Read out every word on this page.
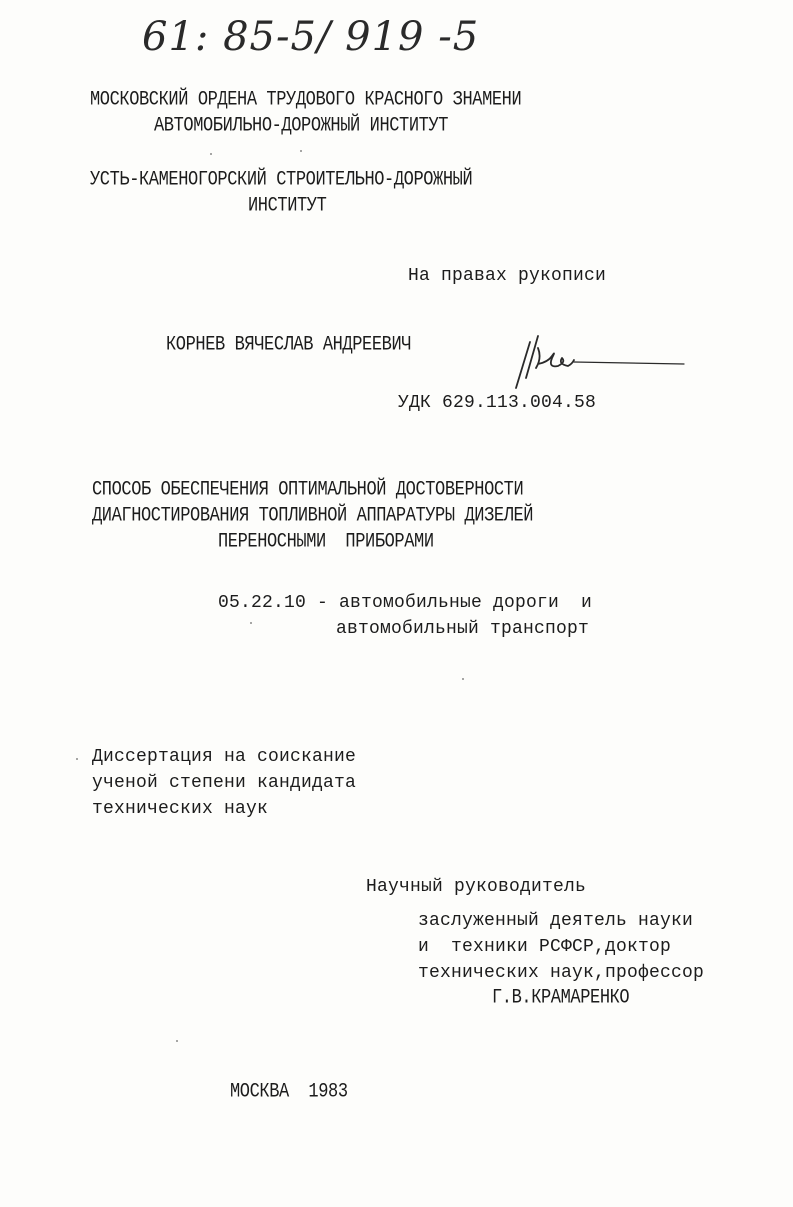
61: 85-5/ 919 -5
МОСКОВСКИЙ ОРДЕНА ТРУДОВОГО КРАСНОГО ЗНАМЕНИ
АВТОМОБИЛЬНО-ДОРОЖНЫЙ ИНСТИТУТ
УСТЬ-КАМЕНОГОРСКИЙ СТРОИТЕЛЬНО-ДОРОЖНЫЙ
ИНСТИТУТ
На правах рукописи
КОРНЕВ ВЯЧЕСЛАВ АНДРЕЕВИЧ
УДК 629.113.004.58
СПОСОБ ОБЕСПЕЧЕНИЯ ОПТИМАЛЬНОЙ ДОСТОВЕРНОСТИ
ДИАГНОСТИРОВАНИЯ ТОПЛИВНОЙ АППАРАТУРЫ ДИЗЕЛЕЙ
ПЕРЕНОСНЫМИ  ПРИБОРАМИ
05.22.10 - автомобильные дороги  и
автомобильный транспорт
Диссертация на соискание
ученой степени кандидата
технических наук
Научный руководитель
заслуженный деятель науки
и  техники РСФСР,доктор
технических наук,профессор
Г.В.КРАМАРЕНКО
МОСКВА  1983
